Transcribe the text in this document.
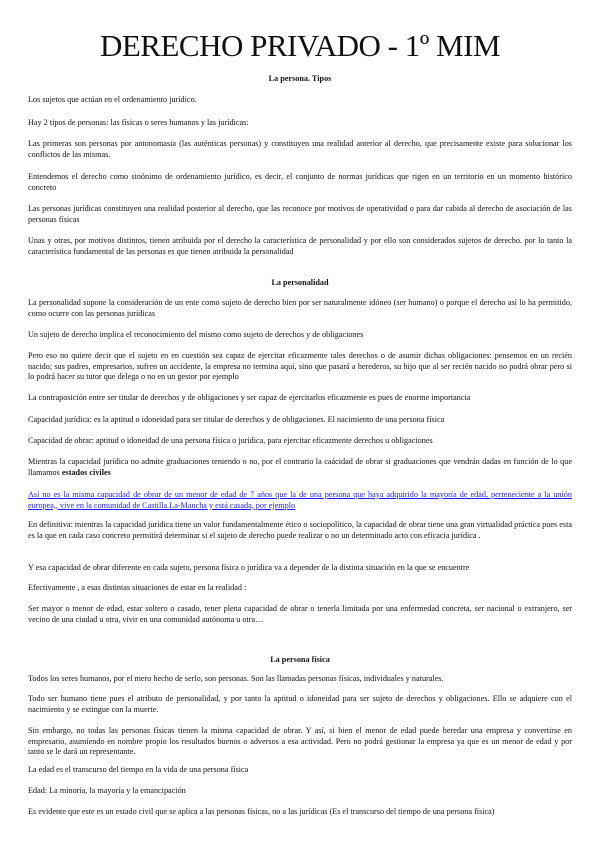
DERECHO PRIVADO - 1º MIM
La persona. Tipos

Los sujetos que actúan en el ordenamiento jurídico.

Hay 2 tipos de personas: las físicas o seres humanos y las jurídicas:

Las primeras son personas por antonomasia (las auténticas personas) y constituyen una realidad anterior al derecho, que precisamente existe para solucionar los conflictos de las mismas.

Entendemos el derecho como sinónimo de ordenamiento jurídico, es decir, el conjunto de normas jurídicas que rigen en un territorio en un momento histórico concreto

Las personas jurídicas constituyen una realidad posterior al derecho, que las reconoce por motivos de operatividad o para dar cabida al derecho de asociación de las personas físicas

Unas y otras, por motivos distintos, tienen atribuida por el derecho la característica de personalidad y por ello son considerados sujetos de derecho. por lo tanto la característica fundamental de las personas es que tienen atribuida la personalidad

La personalidad

La personalidad supone la consideración de un ente como sujeto de derecho bien por ser naturalmente idóneo (ser humano) o porque el derecho así lo ha permitido, como ocurre con las personas jurídicas

Un sujeto de derecho implica el reconocimiento del mismo como sujeto de derechos y de obligaciones

Pero eso no quiere decir que el sujeto en en cuestión sea capaz de ejercitar eficazmente tales derechos o de asumir dichas obligaciones: pensemos en un recién nacido; sus padres, empresarios, sufren un accidente, la empresa no termina aquí, sino que pasará a herederos, su hijo que al ser recién nacido no podrá obrar pero si lo podrá hacer su tutor que delega o no en un gestor por ejemplo

La contraposición entre ser titular de derechos y de obligaciones y ser capaz de ejercitarlos eficazmente es pues de enorme importancia

Capacidad jurídica: es la aptitud o idoneidad para ser titular de derechos y de obligaciones. El nacimiento de una persona física

Capacidad de obrar: aptitud o idoneidad de una persona física o jurídica, para ejercitar eficazmente derechos u obligaciones

Mientras la capacidad jurídica no admite graduaciones teniendo o no, por el contrario la caácidad de obrar si graduaciones que vendrán dadas en función de lo que llamamos estados civiles

Así no es la misma capacidad de obrar de un menor de edad de 7 años que la de una persona que haya adquirido la mayoría de edad, perteneciente a la unión europea,, vive en la comunidad de Castilla La-Mancha y está casada, por ejemplo

En definitiva: mientras la capacidad jurídica tiene un valor fundamentalmente ético o sociopolítico, la capacidad de obrar tiene una gran virtualidad práctica pues esta es la que en cada caso concreto permitirá determinar si el sujeto de derecho puede realizar o no un determinado acto con eficacia jurídica .

Y esa capacidad de obrar diferente en cada sujeto, persona física o jurídica va a depender de la distinta situación en la que se encuentre

Efectivamente , a esas distintas situaciones de estar en la realidad :

Ser mayor o menor de edad, estar soltero o casado, tener plena capacidad de obrar o tenerla limitada por una enfermedad concreta, ser nacional o extranjero, ser vecino de una ciudad u otra, vivir en una comunidad autónoma u otra…

La persona física

Todos los seres humanos, por el mero hecho de serlo, son personas. Son las llamadas personas físicas, individuales y naturales.

Todo ser humano tiene pues el atributo de personalidad, y por tanto la aptitud o idoneidad para ser sujeto de derechos y obligaciones. Ello se adquiere con el nacimiento y se extingue con la muerte.

Sin embargo, no todas las personas físicas tienen la misma capacidad de obrar. Y así, si bien el menor de edad puede heredar una empresa y convertirse en empresario, asumiendo en nombre propio los resultados buenos o adversos a esa actividad. Pero no podrá gestionar la empresa ya que es un menor de edad y por tanto se le dará un representante.

La edad es el transcurso del tiempo en la vida de una persona física

Edad: La minoría, la mayoría y la emancipación

Es evidente que este es un estado civil que se aplica a las personas físicas, no a las jurídicas (Es el transcurso del tiempo de una persona física)
